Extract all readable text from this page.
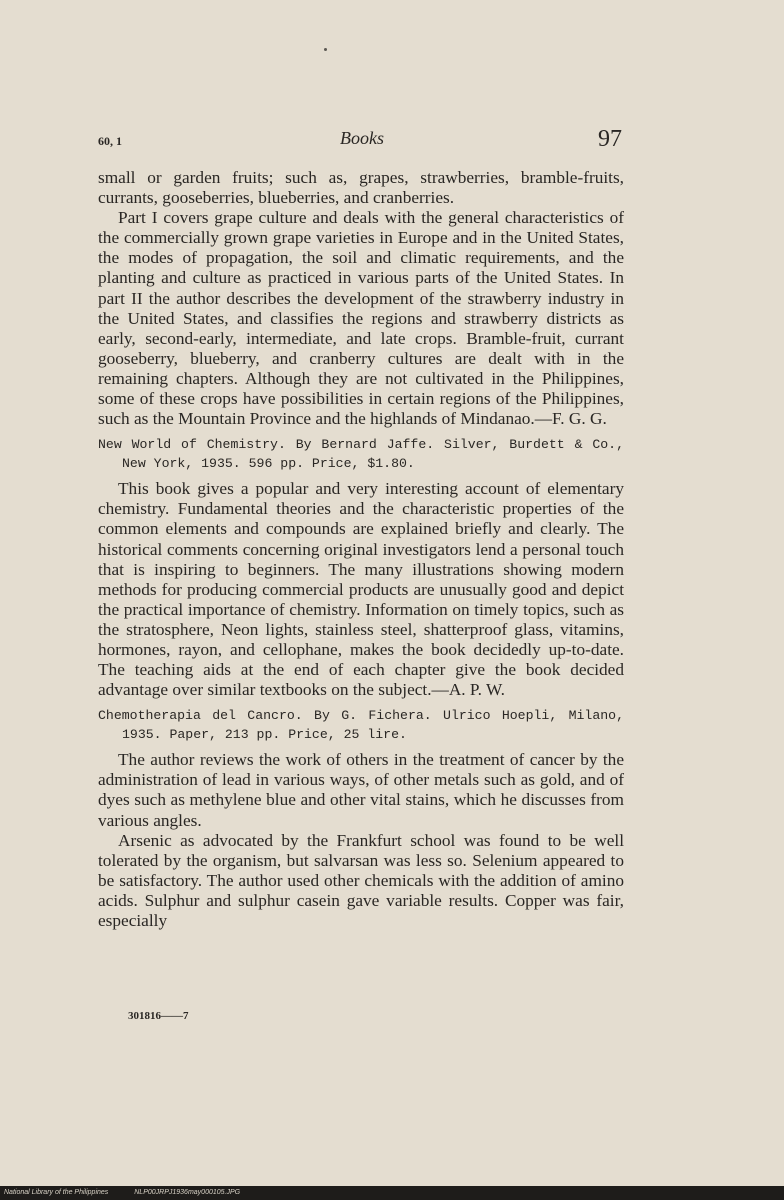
60, 1	Books	97

small or garden fruits; such as, grapes, strawberries, bramble-fruits, currants, gooseberries, blueberries, and cranberries.

Part I covers grape culture and deals with the general characteristics of the commercially grown grape varieties in Europe and in the United States, the modes of propagation, the soil and climatic requirements, and the planting and culture as practiced in various parts of the United States. In part II the author describes the development of the strawberry industry in the United States, and classifies the regions and strawberry districts as early, second-early, intermediate, and late crops. Bramble-fruit, currant gooseberry, blueberry, and cranberry cultures are dealt with in the remaining chapters. Although they are not cultivated in the Philippines, some of these crops have possibilities in certain regions of the Philippines, such as the Mountain Province and the highlands of Mindanao.—F. G. G.

New World of Chemistry. By Bernard Jaffe. Silver, Burdett & Co., New York, 1935. 596 pp. Price, $1.80.

This book gives a popular and very interesting account of elementary chemistry. Fundamental theories and the characteristic properties of the common elements and compounds are explained briefly and clearly. The historical comments concerning original investigators lend a personal touch that is inspiring to beginners. The many illustrations showing modern methods for producing commercial products are unusually good and depict the practical importance of chemistry. Information on timely topics, such as the stratosphere, Neon lights, stainless steel, shatterproof glass, vitamins, hormones, rayon, and cellophane, makes the book decidedly up-to-date. The teaching aids at the end of each chapter give the book decided advantage over similar textbooks on the subject.—A. P. W.

Chemotherapia del Cancro. By G. Fichera. Ulrico Hoepli, Milano, 1935. Paper, 213 pp. Price, 25 lire.

The author reviews the work of others in the treatment of cancer by the administration of lead in various ways, of other metals such as gold, and of dyes such as methylene blue and other vital stains, which he discusses from various angles.

Arsenic as advocated by the Frankfurt school was found to be well tolerated by the organism, but salvarsan was less so. Selenium appeared to be satisfactory. The author used other chemicals with the addition of amino acids. Sulphur and sulphur casein gave variable results. Copper was fair, especially

301816——7
National Library of the Philippines	NLP00JRPJ1936may000105.JPG
